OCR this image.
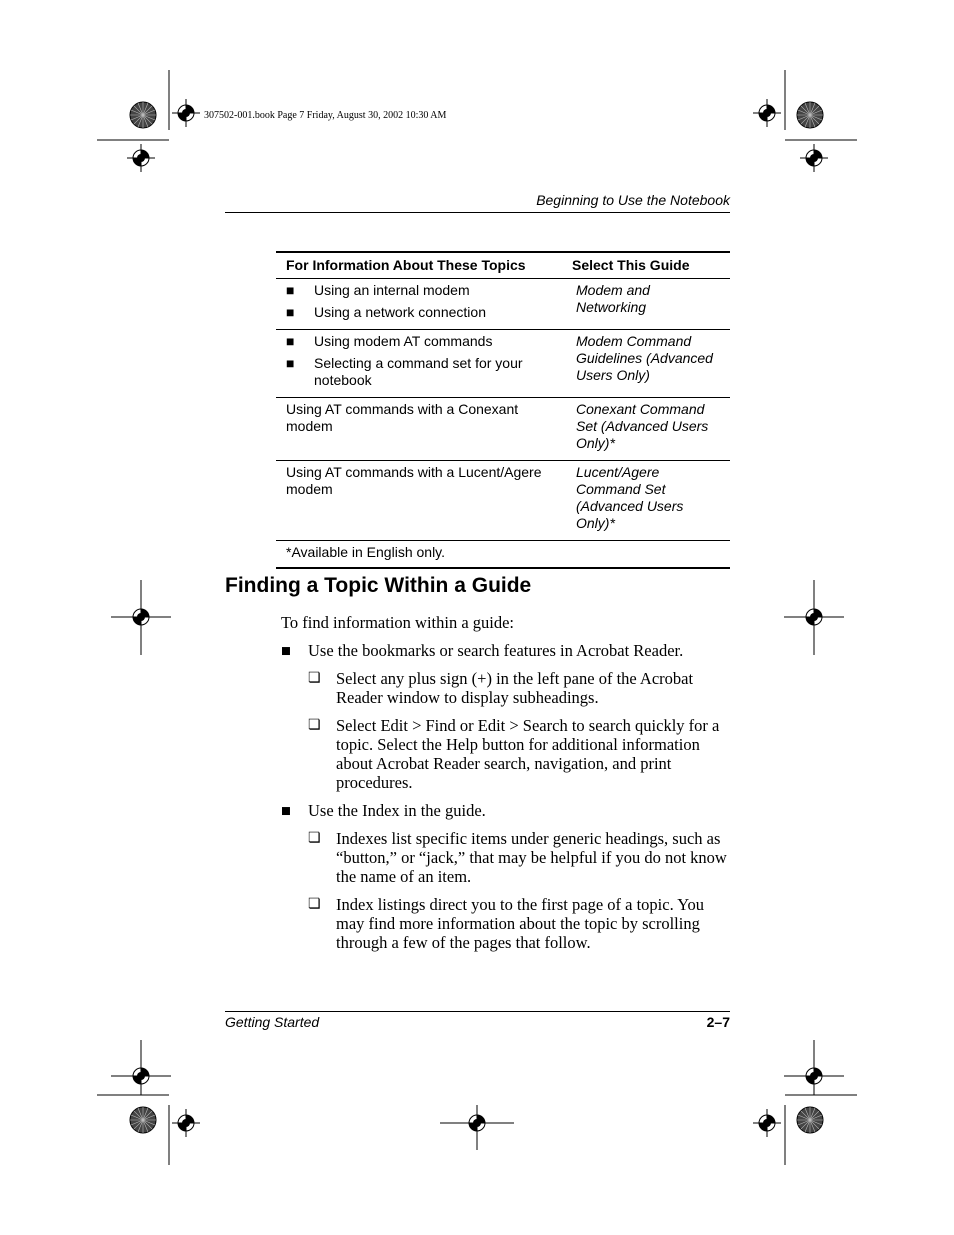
307502-001.book Page 7 Friday, August 30, 2002 10:30 AM
Beginning to Use the Notebook
For Information About These Topics	Select This Guide

■ Using an internal modem
■ Using a network connection	Modem and Networking

■ Using modem AT commands
■ Selecting a command set for your notebook	Modem Command Guidelines (Advanced Users Only)
Using AT commands with a Conexant modem	Conexant Command Set (Advanced Users Only)*
Using AT commands with a Lucent/Agere modem	Lucent/Agere Command Set (Advanced Users Only)*
*Available in English only.	
Finding a Topic Within a Guide

To find information within a guide:

■ Use the bookmarks or search features in Acrobat Reader.
❏ Select any plus sign (+) in the left pane of the Acrobat Reader window to display subheadings.
❏ Select Edit > Find or Edit > Search to search quickly for a topic. Select the Help button for additional information about Acrobat Reader search, navigation, and print procedures.
■ Use the Index in the guide.
❏ Indexes list specific items under generic headings, such as “button,” or “jack,” that may be helpful if you do not know the name of an item.
❏ Index listings direct you to the first page of a topic. You may find more information about the topic by scrolling through a few of the pages that follow.
Getting Started	2–7
